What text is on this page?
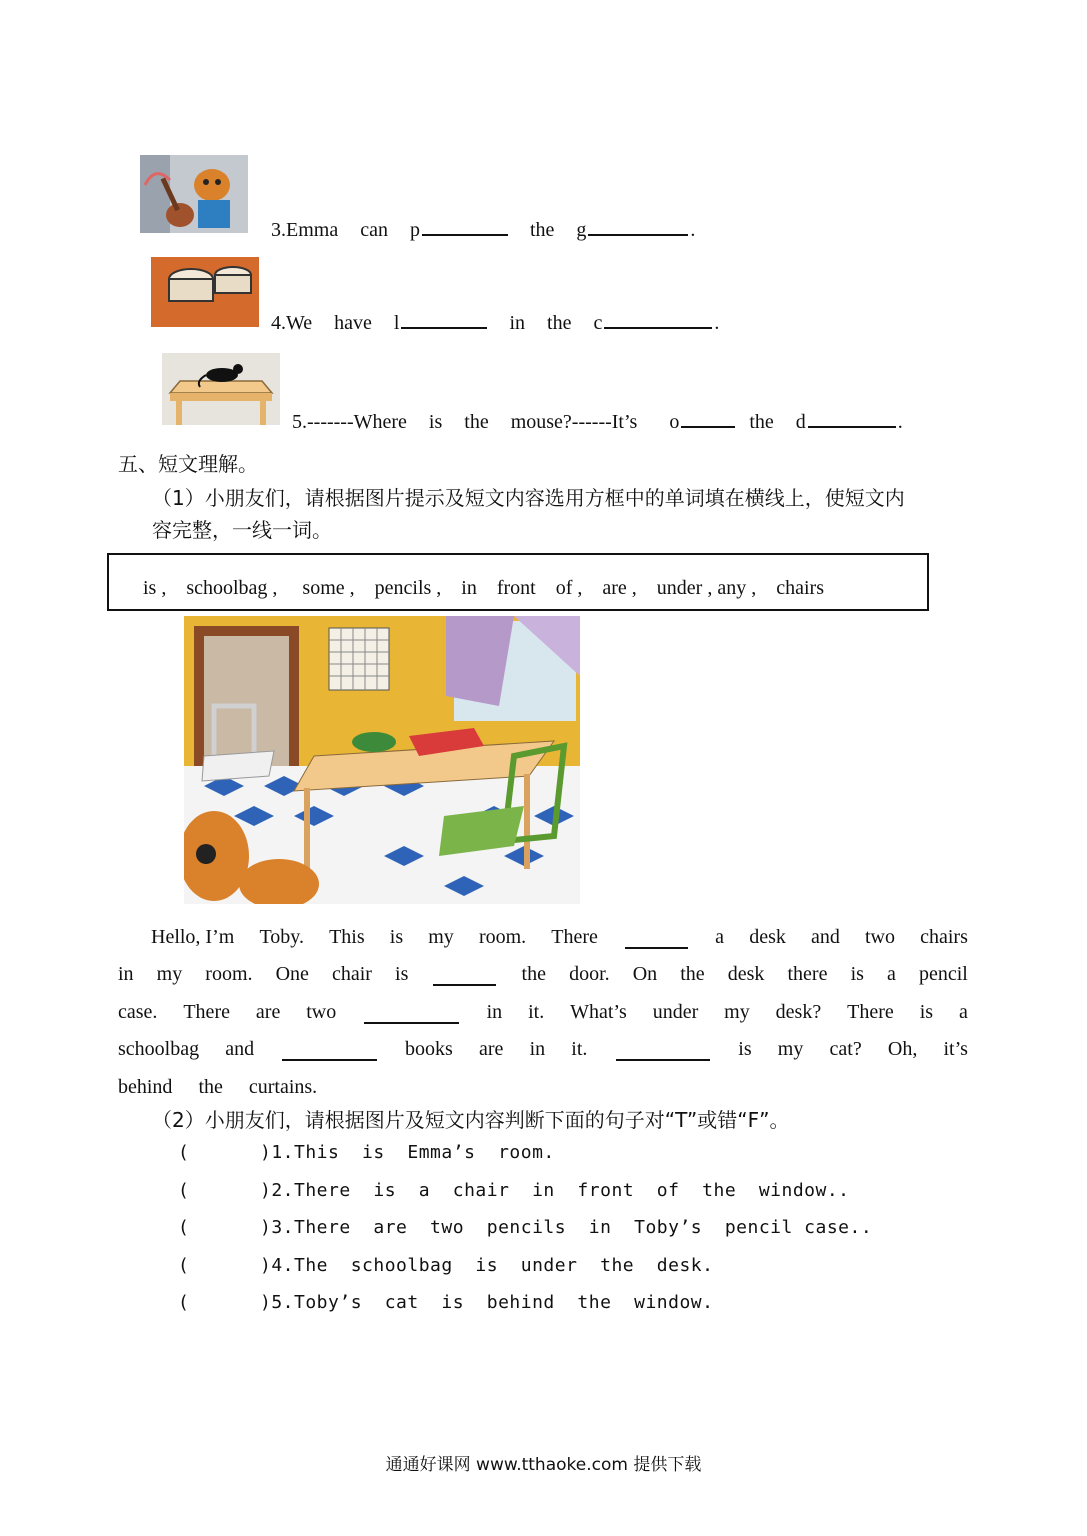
3.Emma can p	the g	.
4.We have l	in the c	.
5.-------Where is the mouse?------It’s o	the d	.
五、短文理解。
（1）小朋友们，请根据图片提示及短文内容选用方框中的单词填在横线上，使短文内
容完整，一线一词。
is ,    schoolbag ,     some ,    pencils ,    in    front    of ,    are ,    under , any ,    chairs
Hello, I’m Toby. This is my room. There	a desk and two chairs
in my room. One chair is	the door. On the desk there is a pencil
case. There are two	in it. What’s under my desk? There is a
schoolbag and	books are in it.	is my cat? Oh, it’s
behind the curtains.
（2）小朋友们，请根据图片及短文内容判断下面的句子对“T”或错“F”。
(	)1.This  is  Emma’s  room.
(	)2.There  is  a  chair  in  front  of  the  window..
(	)3.There  are  two  pencils  in  Toby’s  pencil case..
(	)4.The  schoolbag  is  under  the  desk.
(	)5.Toby’s  cat  is  behind  the  window.
通通好课网 www.tthaoke.com 提供下载
